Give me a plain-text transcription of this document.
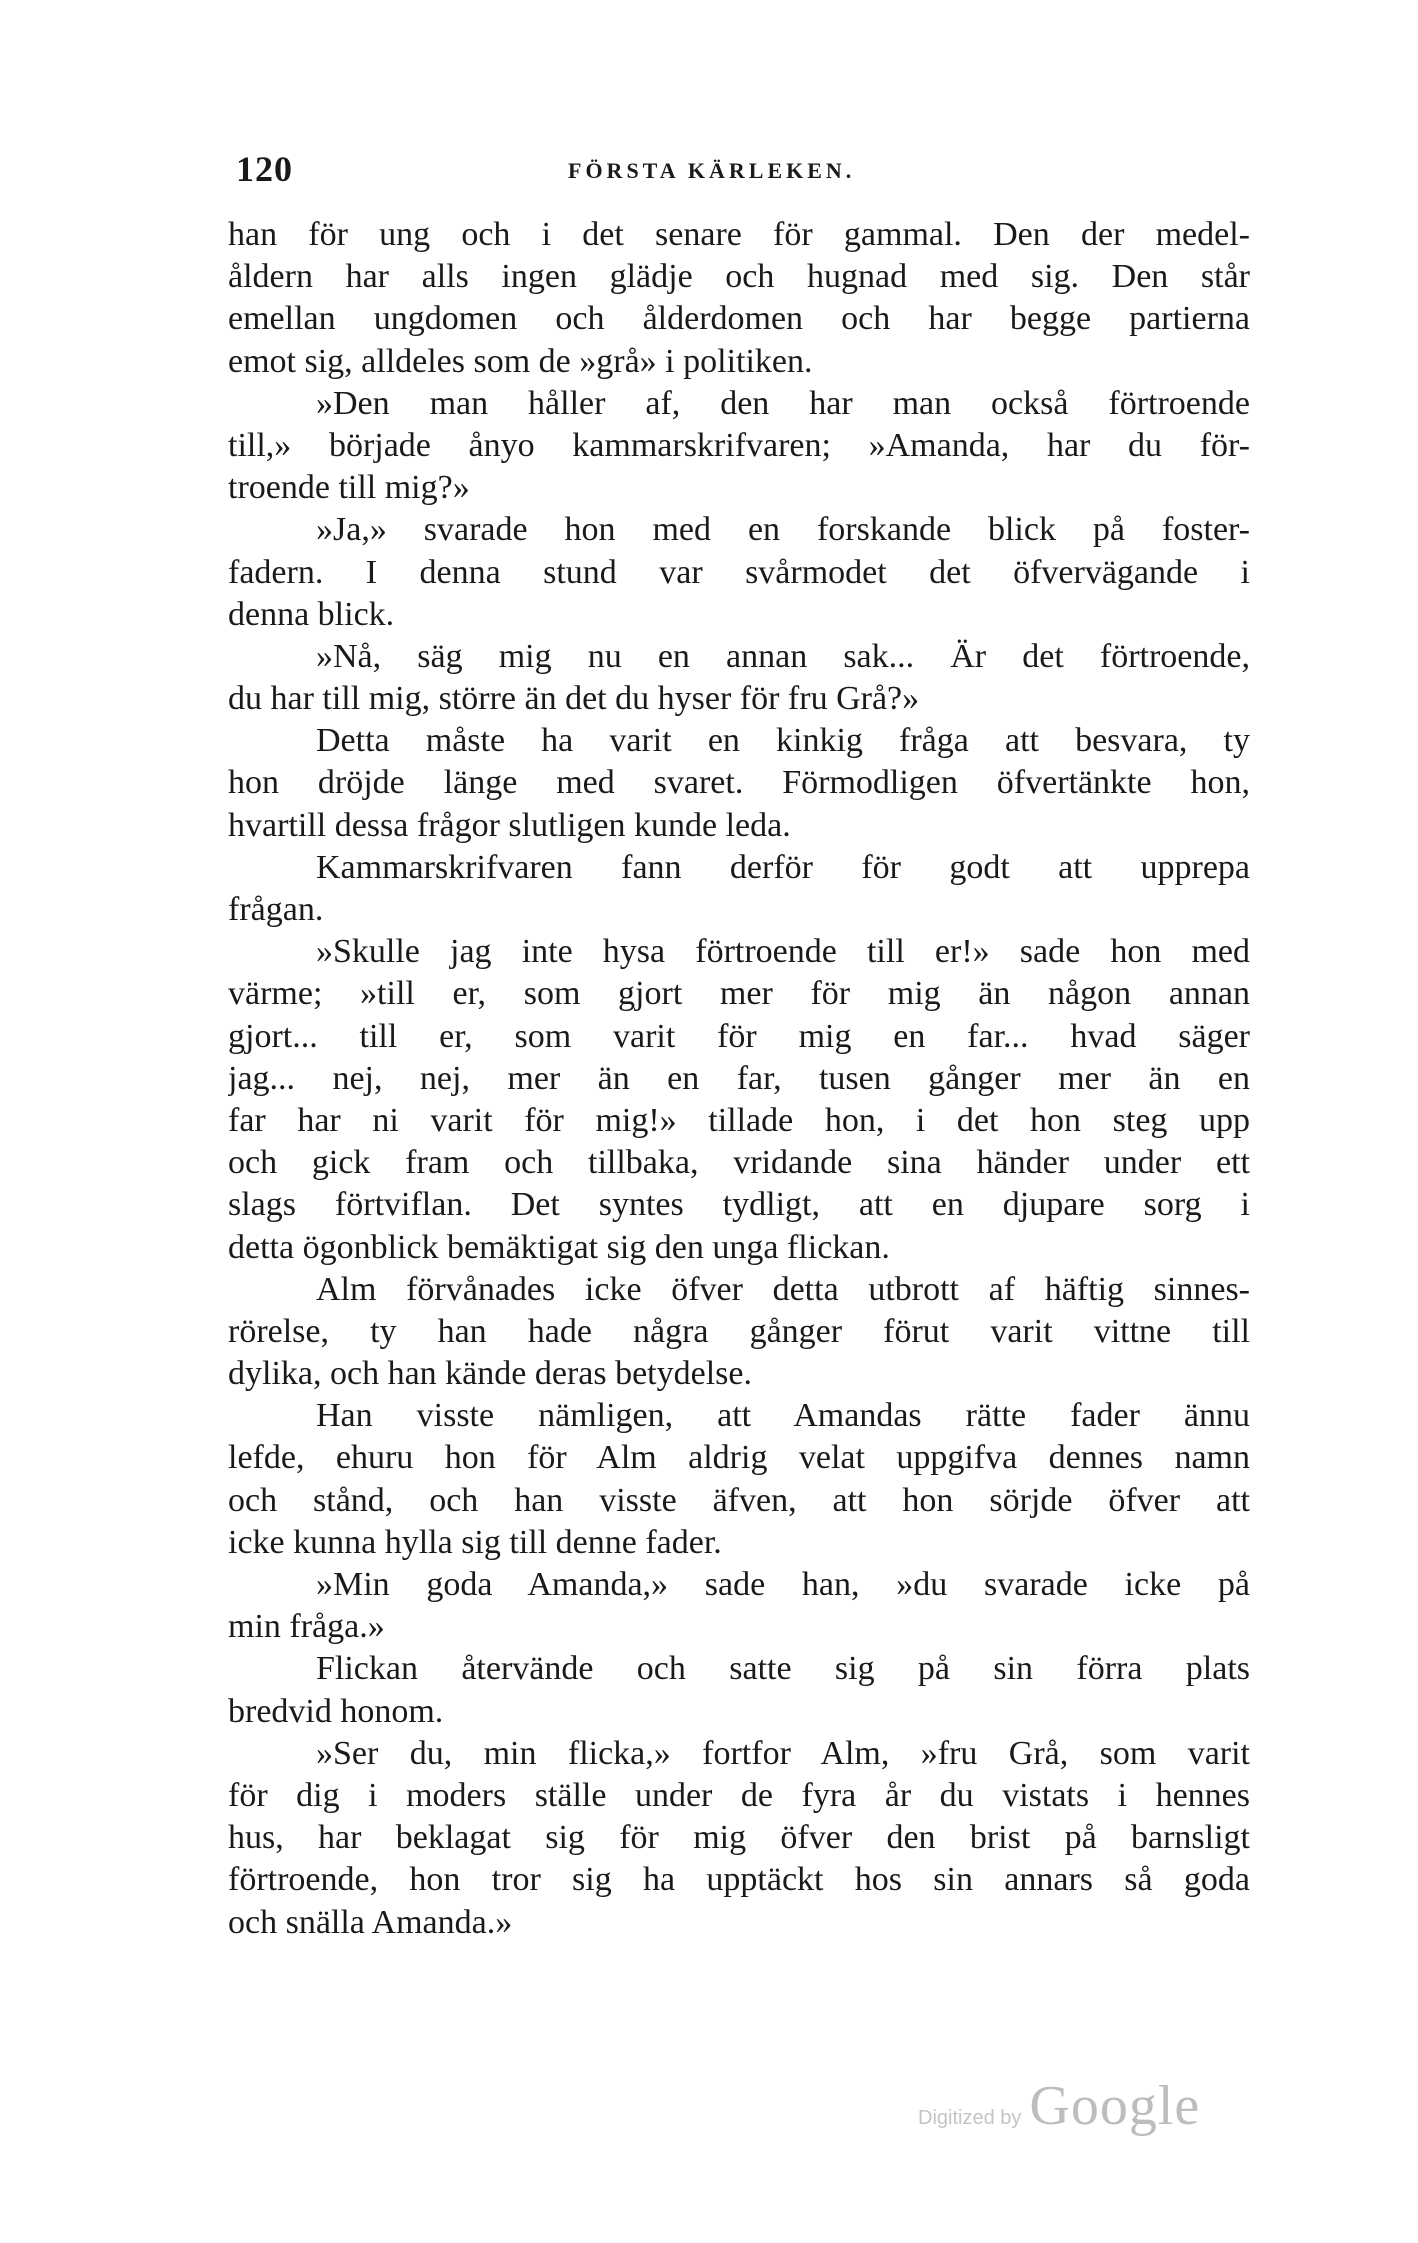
120	FÖRSTA KÄRLEKEN.
han för ung och i det senare för gammal. Den der medel-
åldern har alls ingen glädje och hugnad med sig. Den står
emellan ungdomen och ålderdomen och har begge partierna
emot sig, alldeles som de »grå» i politiken.
»Den man håller af, den har man också förtroende
till,» började ånyo kammarskrifvaren; »Amanda, har du för-
troende till mig?»
»Ja,» svarade hon med en forskande blick på foster-
fadern. I denna stund var svårmodet det öfvervägande i
denna blick.
»Nå, säg mig nu en annan sak... Är det förtroende,
du har till mig, större än det du hyser för fru Grå?»
Detta måste ha varit en kinkig fråga att besvara, ty
hon dröjde länge med svaret. Förmodligen öfvertänkte hon,
hvartill dessa frågor slutligen kunde leda.
Kammarskrifvaren fann derför för godt att upprepa
frågan.
»Skulle jag inte hysa förtroende till er!» sade hon med
värme; »till er, som gjort mer för mig än någon annan
gjort... till er, som varit för mig en far... hvad säger
jag... nej, nej, mer än en far, tusen gånger mer än en
far har ni varit för mig!» tillade hon, i det hon steg upp
och gick fram och tillbaka, vridande sina händer under ett
slags förtviflan. Det syntes tydligt, att en djupare sorg i
detta ögonblick bemäktigat sig den unga flickan.
Alm förvånades icke öfver detta utbrott af häftig sinnes-
rörelse, ty han hade några gånger förut varit vittne till
dylika, och han kände deras betydelse.
Han visste nämligen, att Amandas rätte fader ännu
lefde, ehuru hon för Alm aldrig velat uppgifva dennes namn
och stånd, och han visste äfven, att hon sörjde öfver att
icke kunna hylla sig till denne fader.
»Min goda Amanda,» sade han, »du svarade icke på
min fråga.»
Flickan återvände och satte sig på sin förra plats
bredvid honom.
»Ser du, min flicka,» fortfor Alm, »fru Grå, som varit
för dig i moders ställe under de fyra år du vistats i hennes
hus, har beklagat sig för mig öfver den brist på barnsligt
förtroende, hon tror sig ha upptäckt hos sin annars så goda
och snälla Amanda.»
Digitized by Google
